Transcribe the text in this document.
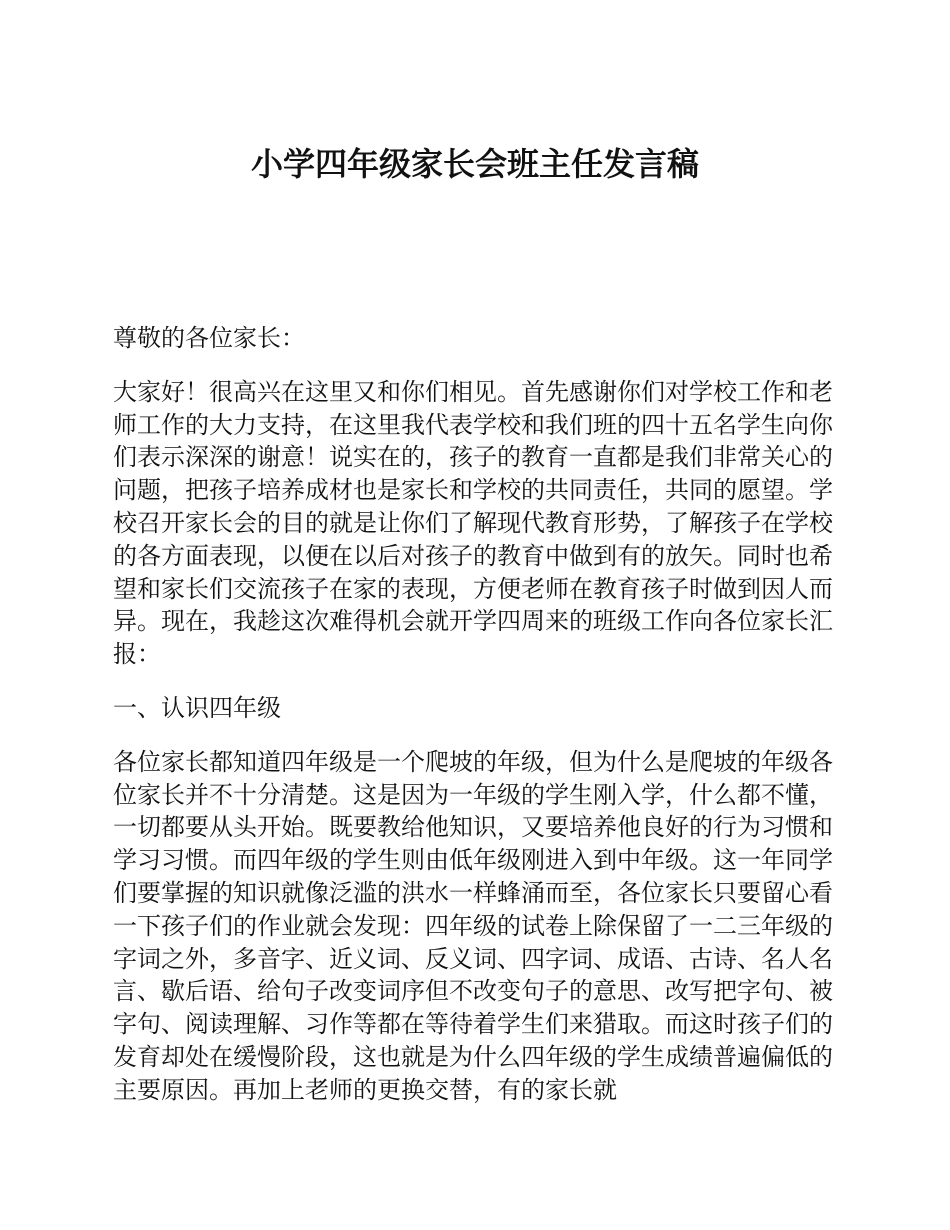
小学四年级家长会班主任发言稿

尊敬的各位家长：

大家好！很高兴在这里又和你们相见。首先感谢你们对学校工作和老师工作的大力支持，在这里我代表学校和我们班的四十五名学生向你们表示深深的谢意！说实在的，孩子的教育一直都是我们非常关心的问题，把孩子培养成材也是家长和学校的共同责任，共同的愿望。学校召开家长会的目的就是让你们了解现代教育形势，了解孩子在学校的各方面表现，以便在以后对孩子的教育中做到有的放矢。同时也希望和家长们交流孩子在家的表现，方便老师在教育孩子时做到因人而异。现在，我趁这次难得机会就开学四周来的班级工作向各位家长汇报：

一、认识四年级

各位家长都知道四年级是一个爬坡的年级，但为什么是爬坡的年级各位家长并不十分清楚。这是因为一年级的学生刚入学，什么都不懂，一切都要从头开始。既要教给他知识，又要培养他良好的行为习惯和学习习惯。而四年级的学生则由低年级刚进入到中年级。这一年同学们要掌握的知识就像泛滥的洪水一样蜂涌而至，各位家长只要留心看一下孩子们的作业就会发现：四年级的试卷上除保留了一二三年级的字词之外，多音字、近义词、反义词、四字词、成语、古诗、名人名言、歇后语、给句子改变词序但不改变句子的意思、改写把字句、被字句、阅读理解、习作等都在等待着学生们来猎取。而这时孩子们的发育却处在缓慢阶段，这也就是为什么四年级的学生成绩普遍偏低的主要原因。再加上老师的更换交替，有的家长就
